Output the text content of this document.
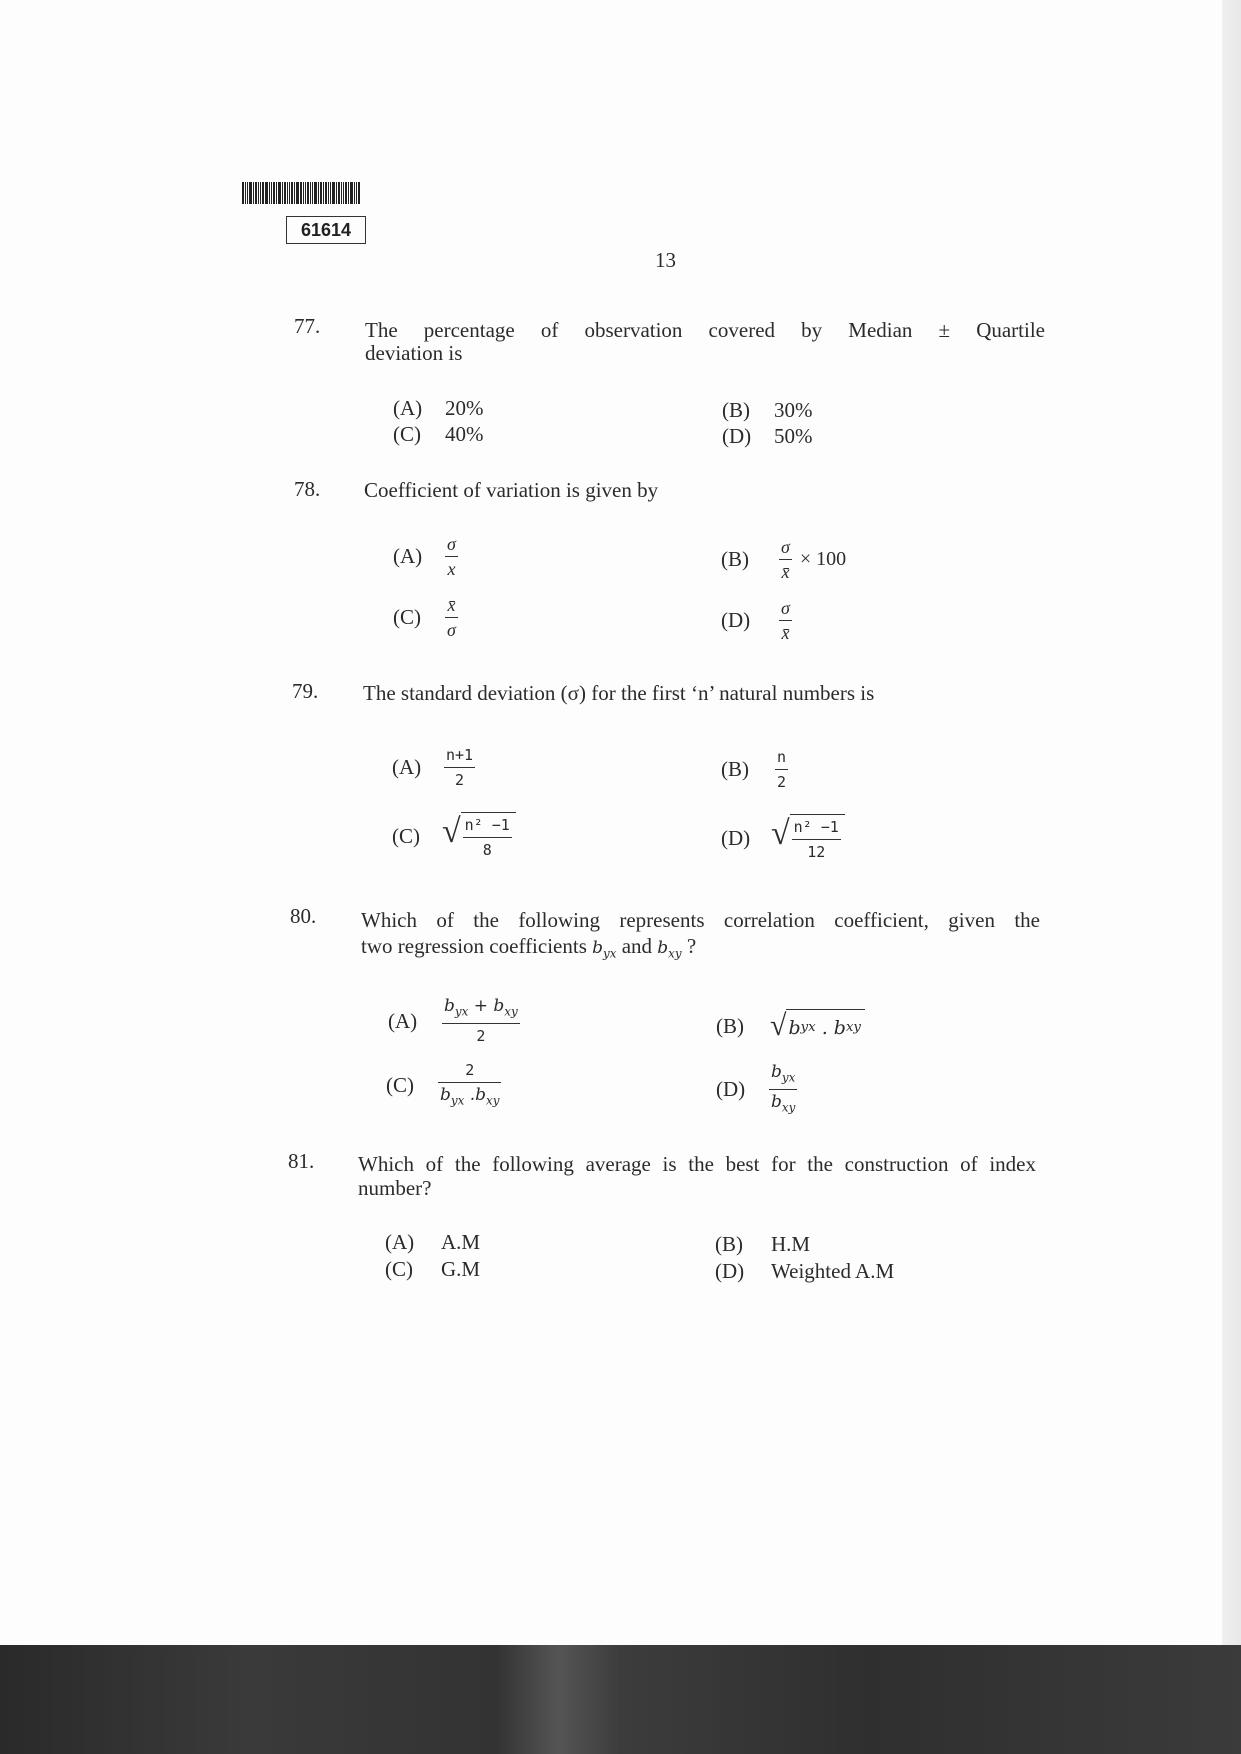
61614
13
77. The percentage of observation covered by Median ± Quartile
deviation is
(A)	20%	(B)	30%
(C)	40%	(D)	50%
78. Coefficient of variation is given by
(A)	$\frac{\sigma}{x}$	(B)	$\frac{\sigma}{x̄} \times 100$
(C)	$\frac{x̄}{\sigma}$	(D)	$\frac{\sigma}{x̄}$
79. The standard deviation (σ) for the first ‘n’ natural numbers is
(A)	$\frac{n+1}{2}$	(B)	$\frac{n}{2}$
(C) √ $\frac{\text{n² −1}}{8}$	(D) √ $\frac{\text{n² −1}}{12}$
80. Which of the following represents correlation coefficient, given the
two regression coefficients $b_{yx}$ and $b_{xy}$ ?
(A)	$\frac{b_{yx} + b_{xy}}{2}$	(B) √ b yx . b xy
(C)	$\frac{2}{b_{yx} .b_{xy}}$	(D)	$\frac{b_{yx}}{b_{xy}}$
81. Which of the following average is the best for the construction of index
number?
(A)	A.M	(B)	H.M
(C)	G.M	(D)	Weighted A.M
